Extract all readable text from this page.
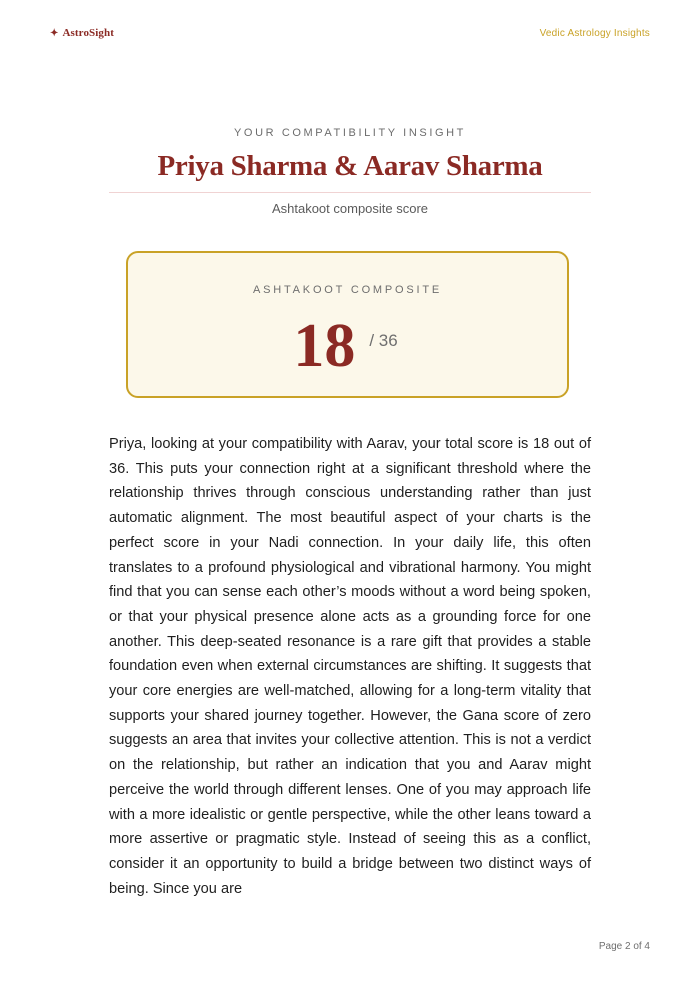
✦ AstroSight	Vedic Astrology Insights
YOUR COMPATIBILITY INSIGHT
Priya Sharma & Aarav Sharma
Ashtakoot composite score
ASHTAKOOT COMPOSITE
18 / 36

Priya, looking at your compatibility with Aarav, your total score is 18 out of 36. This puts your connection right at a significant threshold where the relationship thrives through conscious understanding rather than just automatic alignment. The most beautiful aspect of your charts is the perfect score in your Nadi connection. In your daily life, this often translates to a profound physiological and vibrational harmony. You might find that you can sense each other’s moods without a word being spoken, or that your physical presence alone acts as a grounding force for one another. This deep-seated resonance is a rare gift that provides a stable foundation even when external circumstances are shifting. It suggests that your core energies are well-matched, allowing for a long-term vitality that supports your shared journey together. However, the Gana score of zero suggests an area that invites your collective attention. This is not a verdict on the relationship, but rather an indication that you and Aarav might perceive the world through different lenses. One of you may approach life with a more idealistic or gentle perspective, while the other leans toward a more assertive or pragmatic style. Instead of seeing this as a conflict, consider it an opportunity to build a bridge between two distinct ways of being. Since you are

Page 2 of 4
